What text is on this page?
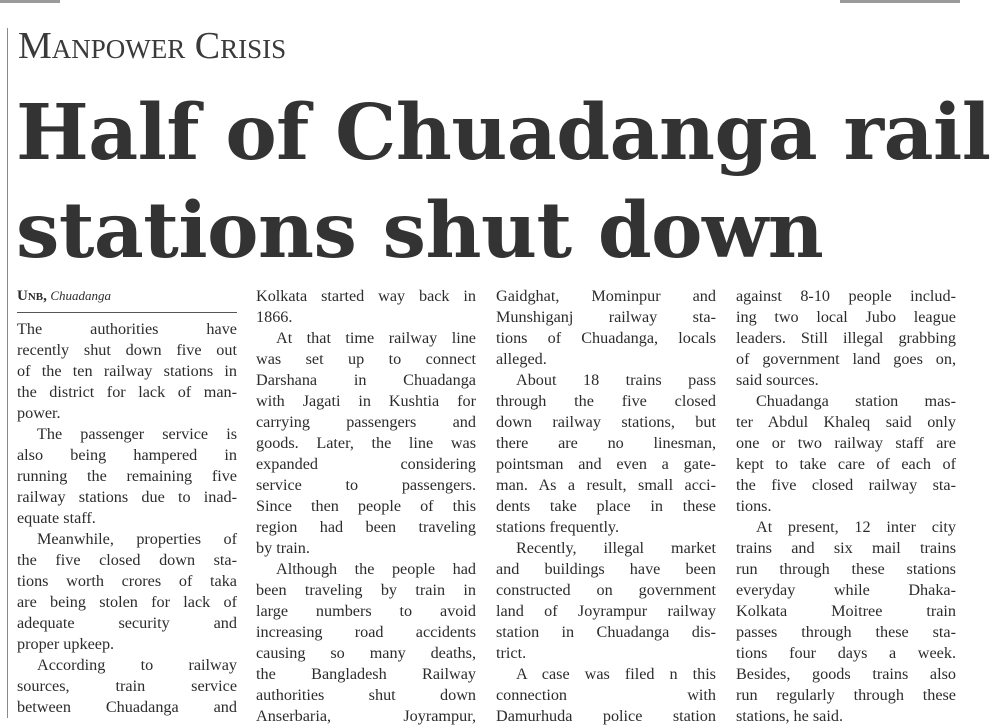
Manpower Crisis
Half of Chuadanga rail
stations shut down
Unb, Chuadanga
The authorities have
recently shut down five out
of the ten railway stations in
the district for lack of man-
power.
The passenger service is
also being hampered in
running the remaining five
railway stations due to inad-
equate staff.
Meanwhile, properties of
the five closed down sta-
tions worth crores of taka
are being stolen for lack of
adequate security and
proper upkeep.
According to railway
sources, train service
between Chuadanga and
Kolkata started way back in
1866.
At that time railway line
was set up to connect
Darshana in Chuadanga
with Jagati in Kushtia for
carrying passengers and
goods. Later, the line was
expanded considering
service to passengers.
Since then people of this
region had been traveling
by train.
Although the people had
been traveling by train in
large numbers to avoid
increasing road accidents
causing so many deaths,
the Bangladesh Railway
authorities shut down
Anserbaria, Joyrampur,
Gaidghat, Mominpur and
Munshiganj railway sta-
tions of Chuadanga, locals
alleged.
About 18 trains pass
through the five closed
down railway stations, but
there are no linesman,
pointsman and even a gate-
man. As a result, small acci-
dents take place in these
stations frequently.
Recently, illegal market
and buildings have been
constructed on government
land of Joyrampur railway
station in Chuadanga dis-
trict.
A case was filed n this
connection with
Damurhuda police station
against 8-10 people includ-
ing two local Jubo league
leaders. Still illegal grabbing
of government land goes on,
said sources.
Chuadanga station mas-
ter Abdul Khaleq said only
one or two railway staff are
kept to take care of each of
the five closed railway sta-
tions.
At present, 12 inter city
trains and six mail trains
run through these stations
everyday while Dhaka-
Kolkata Moitree train
passes through these sta-
tions four days a week.
Besides, goods trains also
run regularly through these
stations, he said.
